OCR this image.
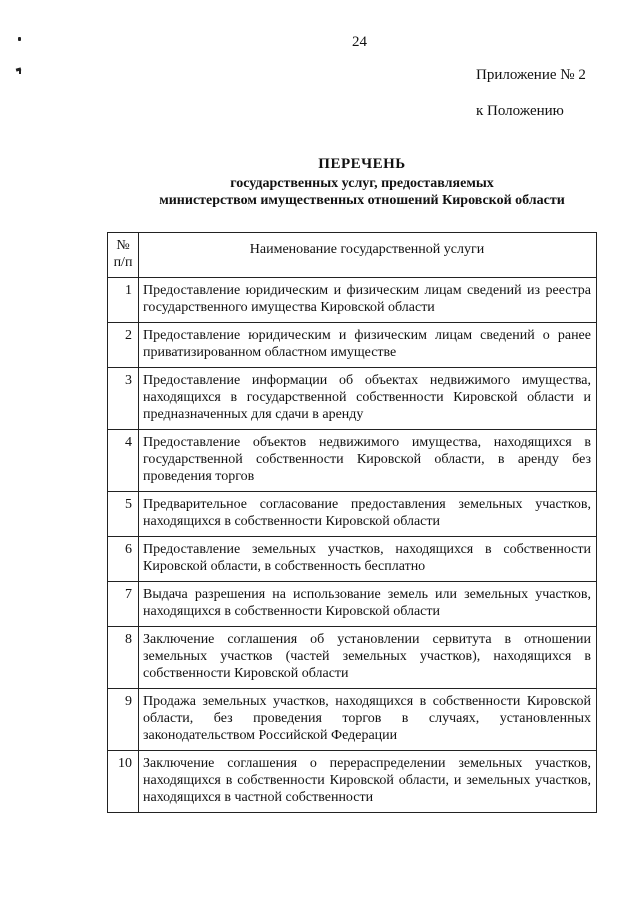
24
Приложение № 2
к Положению
ПЕРЕЧЕНЬ
государственных услуг, предоставляемых
министерством имущественных отношений Кировской области
№
п/п	Наименование государственной услуги
1	Предоставление юридическим и физическим лицам сведений из реестра государственного имущества Кировской области
2	Предоставление юридическим и физическим лицам сведений о ранее приватизированном областном имуществе
3	Предоставление информации об объектах недвижимого имущества, находящихся в государственной собственности Кировской области и предназначенных для сдачи в аренду
4	Предоставление объектов недвижимого имущества, находящихся в государственной собственности Кировской области, в аренду без проведения торгов
5	Предварительное согласование предоставления земельных участков, находящихся в собственности Кировской области
6	Предоставление земельных участков, находящихся в собственности Кировской области, в собственность бесплатно
7	Выдача разрешения на использование земель или земельных участков, находящихся в собственности Кировской области
8	Заключение соглашения об установлении сервитута в отношении земельных участков (частей земельных участков), находящихся в собственности Кировской области
9	Продажа земельных участков, находящихся в собственности Кировской области, без проведения торгов в случаях, установленных законодательством Российской Федерации
10	Заключение соглашения о перераспределении земельных участков, находящихся в собственности Кировской области, и земельных участков, находящихся в частной собственности
